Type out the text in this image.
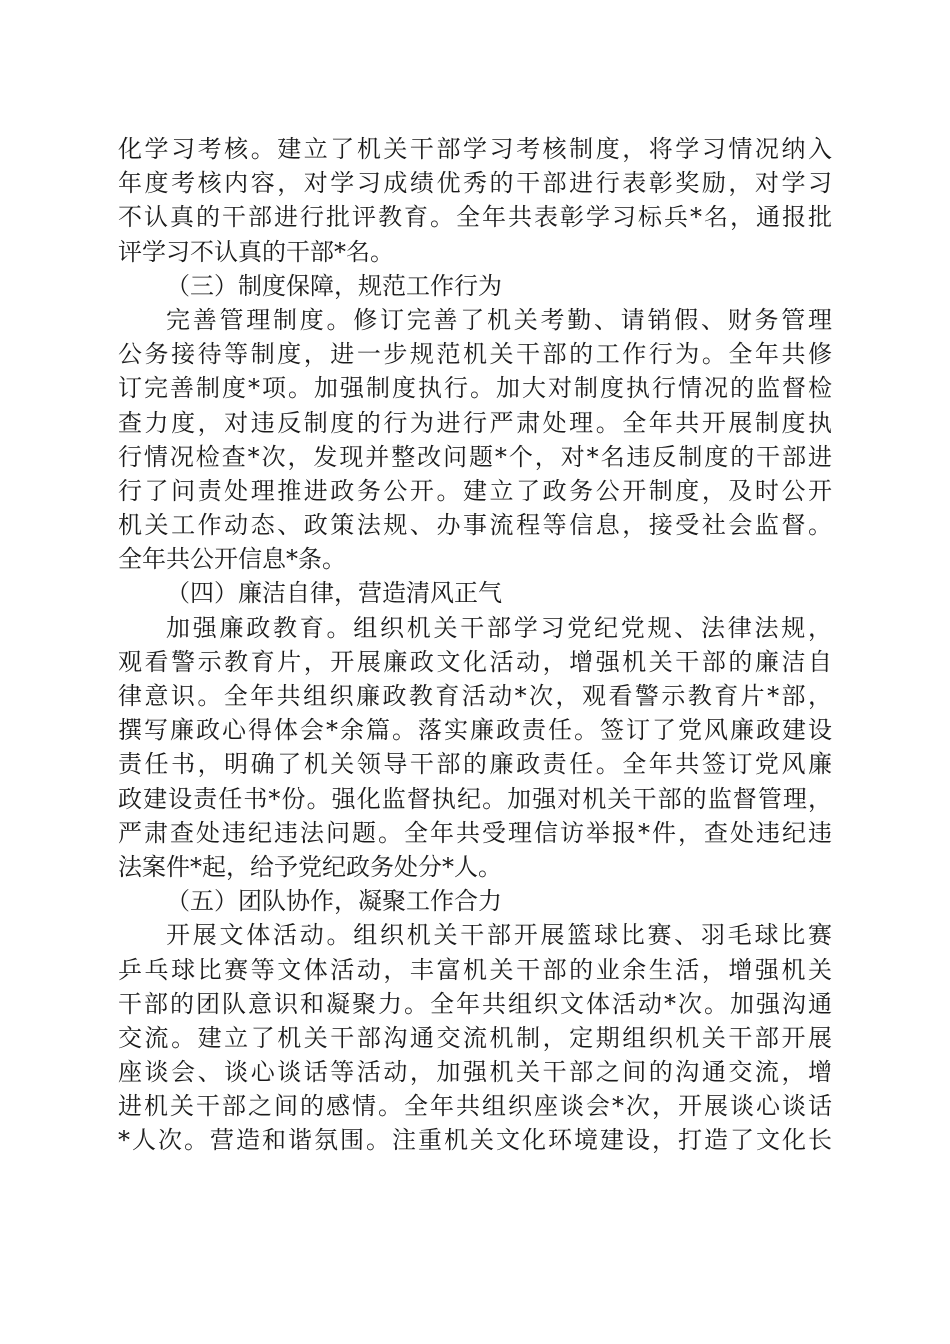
化学习考核。建立了机关干部学习考核制度，将学习情况纳入
年度考核内容，对学习成绩优秀的干部进行表彰奖励，对学习
不认真的干部进行批评教育。全年共表彰学习标兵*名，通报批
评学习不认真的干部*名。
（三）制度保障，规范工作行为
完善管理制度。修订完善了机关考勤、请销假、财务管理
公务接待等制度，进一步规范机关干部的工作行为。全年共修
订完善制度*项。加强制度执行。加大对制度执行情况的监督检
查力度，对违反制度的行为进行严肃处理。全年共开展制度执
行情况检查*次，发现并整改问题*个，对*名违反制度的干部进
行了问责处理推进政务公开。建立了政务公开制度，及时公开
机关工作动态、政策法规、办事流程等信息，接受社会监督。
全年共公开信息*条。
（四）廉洁自律，营造清风正气
加强廉政教育。组织机关干部学习党纪党规、法律法规，
观看警示教育片，开展廉政文化活动，增强机关干部的廉洁自
律意识。全年共组织廉政教育活动*次，观看警示教育片*部，
撰写廉政心得体会*余篇。落实廉政责任。签订了党风廉政建设
责任书，明确了机关领导干部的廉政责任。全年共签订党风廉
政建设责任书*份。强化监督执纪。加强对机关干部的监督管理，
严肃查处违纪违法问题。全年共受理信访举报*件，查处违纪违
法案件*起，给予党纪政务处分*人。
（五）团队协作，凝聚工作合力
开展文体活动。组织机关干部开展篮球比赛、羽毛球比赛
乒乓球比赛等文体活动，丰富机关干部的业余生活，增强机关
干部的团队意识和凝聚力。全年共组织文体活动*次。加强沟通
交流。建立了机关干部沟通交流机制，定期组织机关干部开展
座谈会、谈心谈话等活动，加强机关干部之间的沟通交流，增
进机关干部之间的感情。全年共组织座谈会*次，开展谈心谈话
*人次。营造和谐氛围。注重机关文化环境建设，打造了文化长
